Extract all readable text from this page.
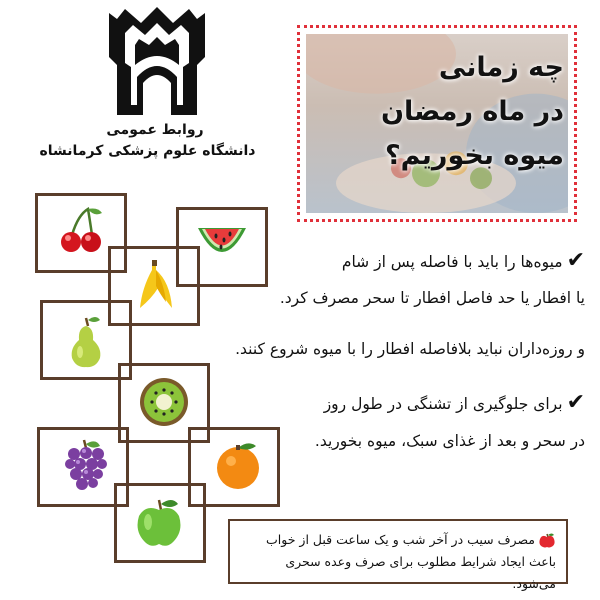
روابط عمومی
دانشگاه علوم پزشکی کرمانشاه
چه زمانی
در ماه رمضان
میوه بخوریم؟
✔میوه‌ها را باید با فاصله پس از شام
یا افطار یا حد فاصل افطار تا سحر مصرف کرد.
و روزه‌داران نباید بلافاصله افطار را با میوه شروع کنند.
✔برای جلوگیری از تشنگی در طول روز
در سحر و بعد از غذای سبک، میوه بخورید.
مصرف سیب در آخر شب و یک ساعت قبل از خواب
باعث ایجاد شرایط مطلوب برای صرف وعده سحری می‌شود.
